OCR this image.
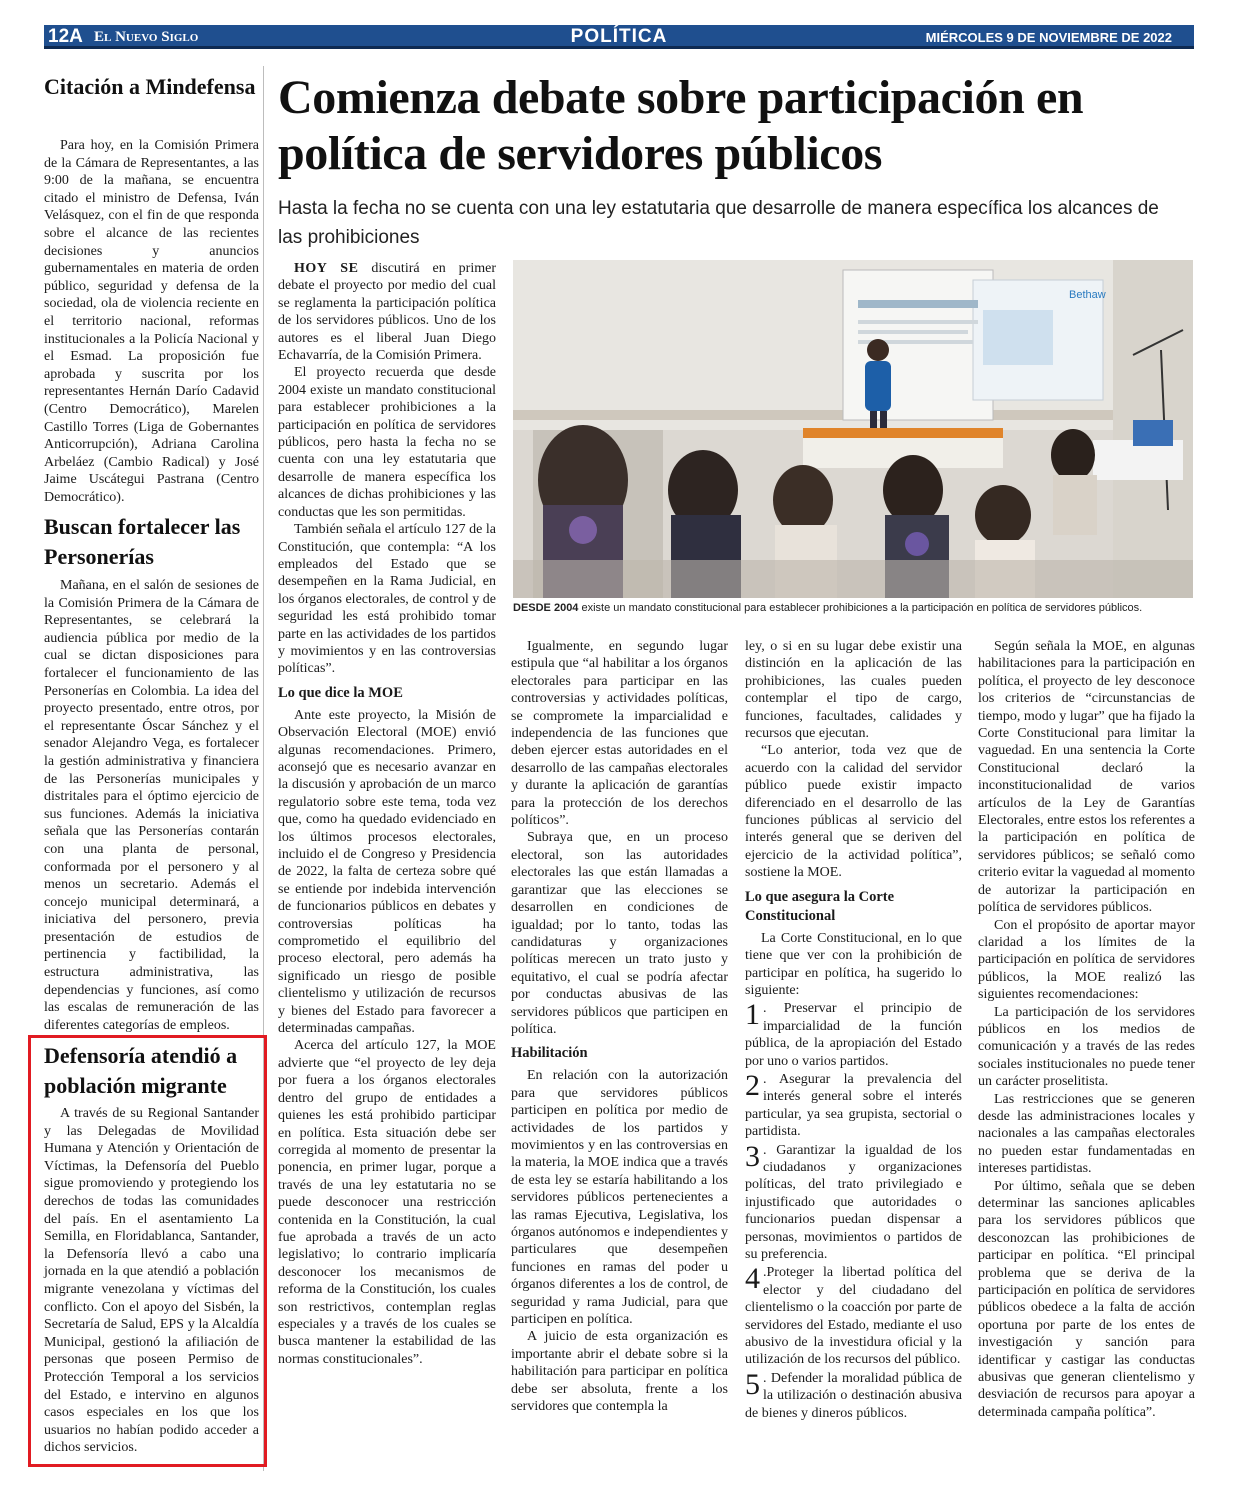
12A El Nuevo Siglo	POLÍTICA	MIÉRCOLES 9 DE NOVIEMBRE DE 2022
Citación a Mindefensa

Para hoy, en la Comisión Primera de la Cámara de Representantes, a las 9:00 de la mañana, se encuentra citado el ministro de Defensa, Iván Velásquez, con el fin de que responda sobre el alcance de las recientes decisiones y anuncios gubernamentales en materia de orden público, seguridad y defensa de la sociedad, ola de violencia reciente en el territorio nacional, reformas institucionales a la Policía Nacional y el Esmad. La proposición fue aprobada y suscrita por los representantes Hernán Darío Cadavid (Centro Democrático), Marelen Castillo Torres (Liga de Gobernantes Anticorrupción), Adriana Carolina Arbeláez (Cambio Radical) y José Jaime Uscátegui Pastrana (Centro Democrático).

Buscan fortalecer las Personerías

Mañana, en el salón de sesiones de la Comisión Primera de la Cámara de Representantes, se celebrará la audiencia pública por medio de la cual se dictan disposiciones para fortalecer el funcionamiento de las Personerías en Colombia. La idea del proyecto presentado, entre otros, por el representante Óscar Sánchez y el senador Alejandro Vega, es fortalecer la gestión administrativa y financiera de las Personerías municipales y distritales para el óptimo ejercicio de sus funciones. Además la iniciativa señala que las Personerías contarán con una planta de personal, conformada por el personero y al menos un secretario. Además el concejo municipal determinará, a iniciativa del personero, previa presentación de estudios de pertinencia y factibilidad, la estructura administrativa, las dependencias y funciones, así como las escalas de remuneración de las diferentes categorías de empleos.

Defensoría atendió a población migrante

A través de su Regional Santander y las Delegadas de Movilidad Humana y Atención y Orientación de Víctimas, la Defensoría del Pueblo sigue promoviendo y protegiendo los derechos de todas las comunidades del país. En el asentamiento La Semilla, en Floridablanca, Santander, la Defensoría llevó a cabo una jornada en la que atendió a población migrante venezolana y víctimas del conflicto. Con el apoyo del Sisbén, la Secretaría de Salud, EPS y la Alcaldía Municipal, gestionó la afiliación de personas que poseen Permiso de Protección Temporal a los servicios del Estado, e intervino en algunos casos especiales en los que los usuarios no habían podido acceder a dichos servicios.

Comienza debate sobre participación en política de servidores públicos

Hasta la fecha no se cuenta con una ley estatutaria que desarrolle de manera específica los alcances de las prohibiciones

Bethaw

DESDE 2004 existe un mandato constitucional para establecer prohibiciones a la participación en política de servidores públicos.

HOY SE discutirá en primer debate el proyecto por medio del cual se reglamenta la participación política de los servidores públicos. Uno de los autores es el liberal Juan Diego Echavarría, de la Comisión Primera.

El proyecto recuerda que desde 2004 existe un mandato constitucional para establecer prohibiciones a la participación en política de servidores públicos, pero hasta la fecha no se cuenta con una ley estatutaria que desarrolle de manera específica los alcances de dichas prohibiciones y las conductas que les son permitidas.

También señala el artículo 127 de la Constitución, que contempla: “A los empleados del Estado que se desempeñen en la Rama Judicial, en los órganos electorales, de control y de seguridad les está prohibido tomar parte en las actividades de los partidos y movimientos y en las controversias políticas”.

Lo que dice la MOE

Ante este proyecto, la Misión de Observación Electoral (MOE) envió algunas recomendaciones. Primero, aconsejó que es necesario avanzar en la discusión y aprobación de un marco regulatorio sobre este tema, toda vez que, como ha quedado evidenciado en los últimos procesos electorales, incluido el de Congreso y Presidencia de 2022, la falta de certeza sobre qué se entiende por indebida intervención de funcionarios públicos en debates y controversias políticas ha comprometido el equilibrio del proceso electoral, pero además ha significado un riesgo de posible clientelismo y utilización de recursos y bienes del Estado para favorecer a determinadas campañas.

Acerca del artículo 127, la MOE advierte que “el proyecto de ley deja por fuera a los órganos electorales dentro del grupo de entidades a quienes les está prohibido participar en política. Esta situación debe ser corregida al momento de presentar la ponencia, en primer lugar, porque a través de una ley estatutaria no se puede desconocer una restricción contenida en la Constitución, la cual fue aprobada a través de un acto legislativo; lo contrario implicaría desconocer los mecanismos de reforma de la Constitución, los cuales son restrictivos, contemplan reglas especiales y a través de los cuales se busca mantener la estabilidad de las normas constitucionales”.

Igualmente, en segundo lugar estipula que “al habilitar a los órganos electorales para participar en las controversias y actividades políticas, se compromete la imparcialidad e independencia de las funciones que deben ejercer estas autoridades en el desarrollo de las campañas electorales y durante la aplicación de garantías para la protección de los derechos políticos”.

Subraya que, en un proceso electoral, son las autoridades electorales las que están llamadas a garantizar que las elecciones se desarrollen en condiciones de igualdad; por lo tanto, todas las candidaturas y organizaciones políticas merecen un trato justo y equitativo, el cual se podría afectar por conductas abusivas de las servidores públicos que participen en política.

Habilitación

En relación con la autorización para que servidores públicos participen en política por medio de actividades de los partidos y movimientos y en las controversias en la materia, la MOE indica que a través de esta ley se estaría habilitando a los servidores públicos pertenecientes a las ramas Ejecutiva, Legislativa, los órganos autónomos e independientes y particulares que desempeñen funciones en ramas del poder u órganos diferentes a los de control, de seguridad y rama Judicial, para que participen en política.

A juicio de esta organización es importante abrir el debate sobre si la habilitación para participar en política debe ser absoluta, frente a los servidores que contempla la

ley, o si en su lugar debe existir una distinción en la aplicación de las prohibiciones, las cuales pueden contemplar el tipo de cargo, funciones, facultades, calidades y recursos que ejecutan.

“Lo anterior, toda vez que de acuerdo con la calidad del servidor público puede existir impacto diferenciado en el desarrollo de las funciones públicas al servicio del interés general que se deriven del ejercicio de la actividad política”, sostiene la MOE.

Lo que asegura la Corte Constitucional

La Corte Constitucional, en lo que tiene que ver con la prohibición de participar en política, ha sugerido lo siguiente:

1 . Preservar el principio de imparcialidad de la función pública, de la apropiación del Estado por uno o varios partidos.
2 . Asegurar la prevalencia del interés general sobre el interés particular, ya sea grupista, sectorial o partidista.
3 . Garantizar la igualdad de los ciudadanos y organizaciones políticas, del trato privilegiado e injustificado que autoridades o funcionarios puedan dispensar a personas, movimientos o partidos de su preferencia.
4 .Proteger la libertad política del elector y del ciudadano del clientelismo o la coacción por parte de servidores del Estado, mediante el uso abusivo de la investidura oficial y la utilización de los recursos del público.
5 . Defender la moralidad pública de la utilización o destinación abusiva de bienes y dineros públicos.

Según señala la MOE, en algunas habilitaciones para la participación en política, el proyecto de ley desconoce los criterios de “circunstancias de tiempo, modo y lugar” que ha fijado la Corte Constitucional para limitar la vaguedad. En una sentencia la Corte Constitucional declaró la inconstitucionalidad de varios artículos de la Ley de Garantías Electorales, entre estos los referentes a la participación en política de servidores públicos; se señaló como criterio evitar la vaguedad al momento de autorizar la participación en política de servidores públicos.

Con el propósito de aportar mayor claridad a los límites de la participación en política de servidores públicos, la MOE realizó las siguientes recomendaciones:

La participación de los servidores públicos en los medios de comunicación y a través de las redes sociales institucionales no puede tener un carácter proselitista.

Las restricciones que se generen desde las administraciones locales y nacionales a las campañas electorales no pueden estar fundamentadas en intereses partidistas.

Por último, señala que se deben determinar las sanciones aplicables para los servidores públicos que desconozcan las prohibiciones de participar en política. “El principal problema que se deriva de la participación en política de servidores públicos obedece a la falta de acción oportuna por parte de los entes de investigación y sanción para identificar y castigar las conductas abusivas que generan clientelismo y desviación de recursos para apoyar a determinada campaña política”.
